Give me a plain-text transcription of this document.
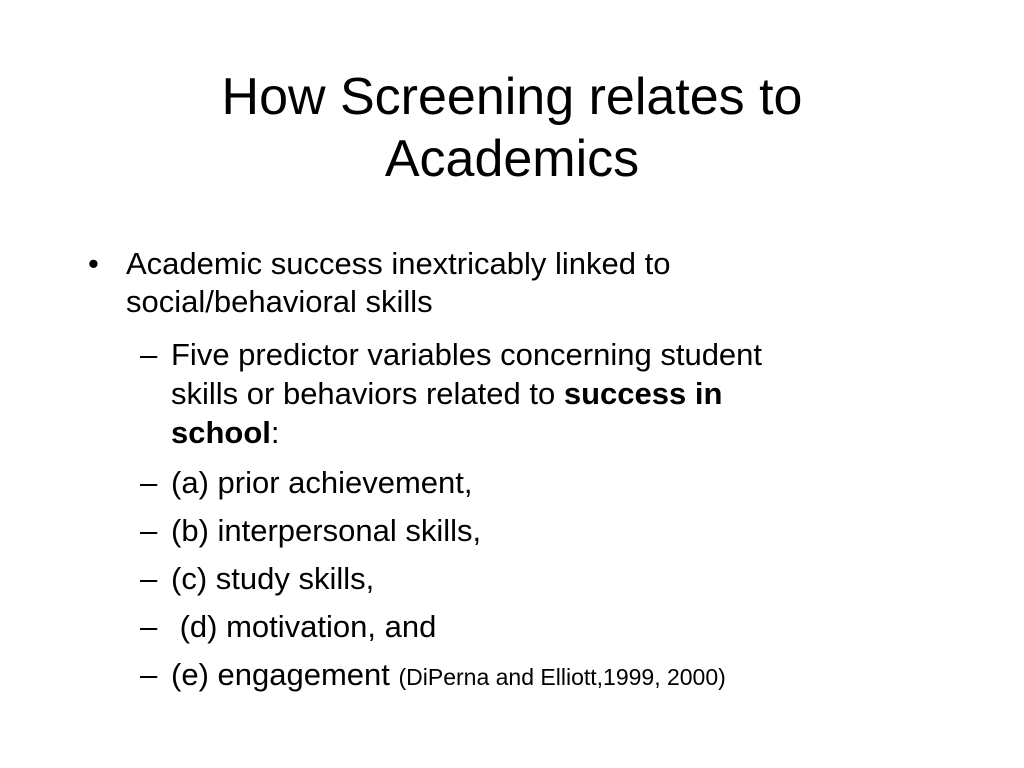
How Screening relates to
Academics
• Academic success inextricably linked to
social/behavioral skills
– Five predictor variables concerning student
skills or behaviors related to success in
school:
– (a) prior achievement,
– (b) interpersonal skills,
– (c) study skills,
– (d) motivation, and
– (e) engagement (DiPerna and Elliott,1999, 2000)
